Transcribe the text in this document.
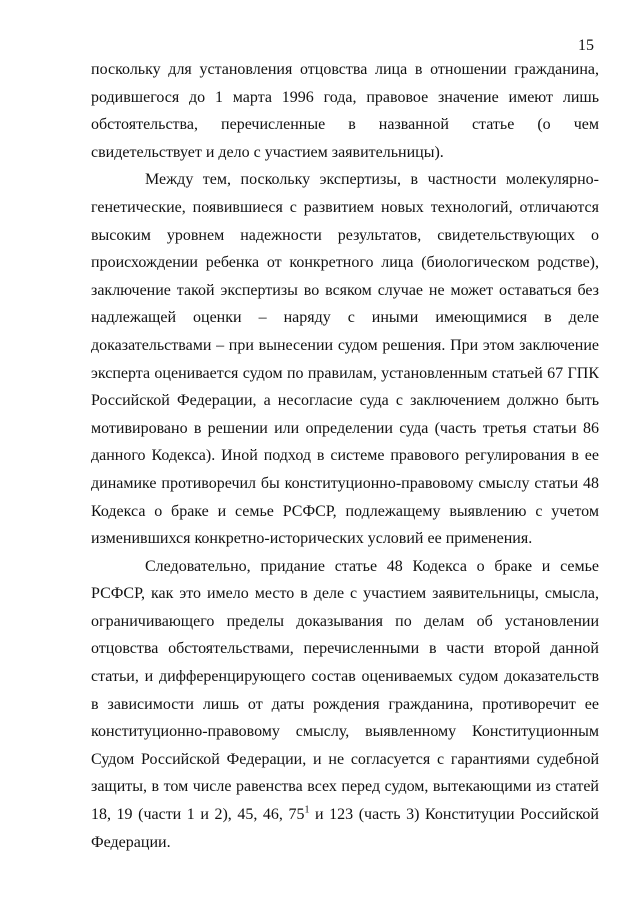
15

поскольку для установления отцовства лица в отношении гражданина, родившегося до 1 марта 1996 года, правовое значение имеют лишь обстоятельства, перечисленные в названной статье (о чем свидетельствует и дело с участием заявительницы).

Между тем, поскольку экспертизы, в частности молекулярно-генетические, появившиеся с развитием новых технологий, отличаются высоким уровнем надежности результатов, свидетельствующих о происхождении ребенка от конкретного лица (биологическом родстве), заключение такой экспертизы во всяком случае не может оставаться без надлежащей оценки – наряду с иными имеющимися в деле доказательствами – при вынесении судом решения. При этом заключение эксперта оценивается судом по правилам, установленным статьей 67 ГПК Российской Федерации, а несогласие суда с заключением должно быть мотивировано в решении или определении суда (часть третья статьи 86 данного Кодекса). Иной подход в системе правового регулирования в ее динамике противоречил бы конституционно-правовому смыслу статьи 48 Кодекса о браке и семье РСФСР, подлежащему выявлению с учетом изменившихся конкретно-исторических условий ее применения.

Следовательно, придание статье 48 Кодекса о браке и семье РСФСР, как это имело место в деле с участием заявительницы, смысла, ограничивающего пределы доказывания по делам об установлении отцовства обстоятельствами, перечисленными в части второй данной статьи, и дифференцирующего состав оцениваемых судом доказательств в зависимости лишь от даты рождения гражданина, противоречит ее конституционно-правовому смыслу, выявленному Конституционным Судом Российской Федерации, и не согласуется с гарантиями судебной защиты, в том числе равенства всех перед судом, вытекающими из статей 18, 19 (части 1 и 2), 45, 46, $75^1$ и 123 (часть 3) Конституции Российской Федерации.
